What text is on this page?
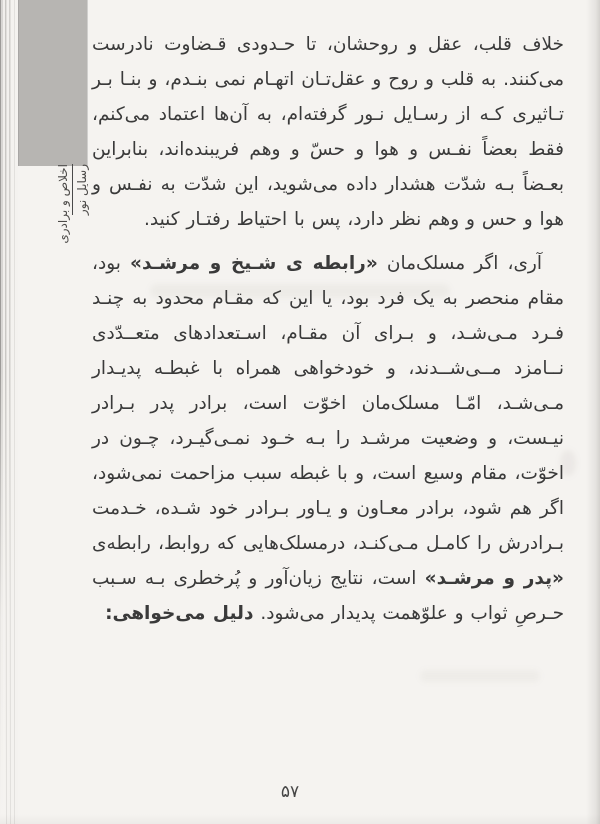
اخلاص و برادری رسایل نور

خلاف قلب، عقل و روحشان، تا حـدودی قـضاوت نادرست می‌کنند. به قلب و روح و عقل‌تـان اتهـام نمی بنـدم، و بنـا بـر تـاثیری کـه از رسـایل نـور گرفته‌ام، به آن‌ها اعتماد می‌کنم، فقط بعضاً نفـس و هوا و حسّ و وهم فریبنده‌اند، بنابراین بعـضاً بـه شدّت هشدار داده می‌شوید، این شدّت به نفـس و هوا و حس و وهم نظر دارد، پس با احتیاط رفتـار کنید.

آری، اگر مسلک‌مان «رابطه ی شـیخ و مرشـد» بود، مقام منحصر به یک فرد بود، یا این که مقـام محدود به چنـد فـرد مـی‌شـد، و بـرای آن مقـام، اسـتعدادهای متعــدّدی نــامزد مــی‌شــدند، و خودخواهی همراه با غبطـه پدیـدار مـی‌شـد، امّـا مسلک‌مان اخوّت است، برادر پدر بـرادر نیـست، و وضعیت مرشـد را بـه خـود نمـی‌گیـرد، چـون در اخوّت، مقام وسیع است، و با غبطه سبب مزاحمت نمی‌شود، اگر هم شود، برادر معـاون و یـاور بـرادر خود شـده، خـدمت بـرادرش را کامـل مـی‌کنـد، درمسلک‌هایی که روابط، رابطه‌ی «پدر و مرشـد» است، نتایج زیان‌آور و پُرخطری بـه سـبب حـرصِ ثواب و علوّهمت پدیدار می‌شود. دلیل می‌خواهی:

۵۷
